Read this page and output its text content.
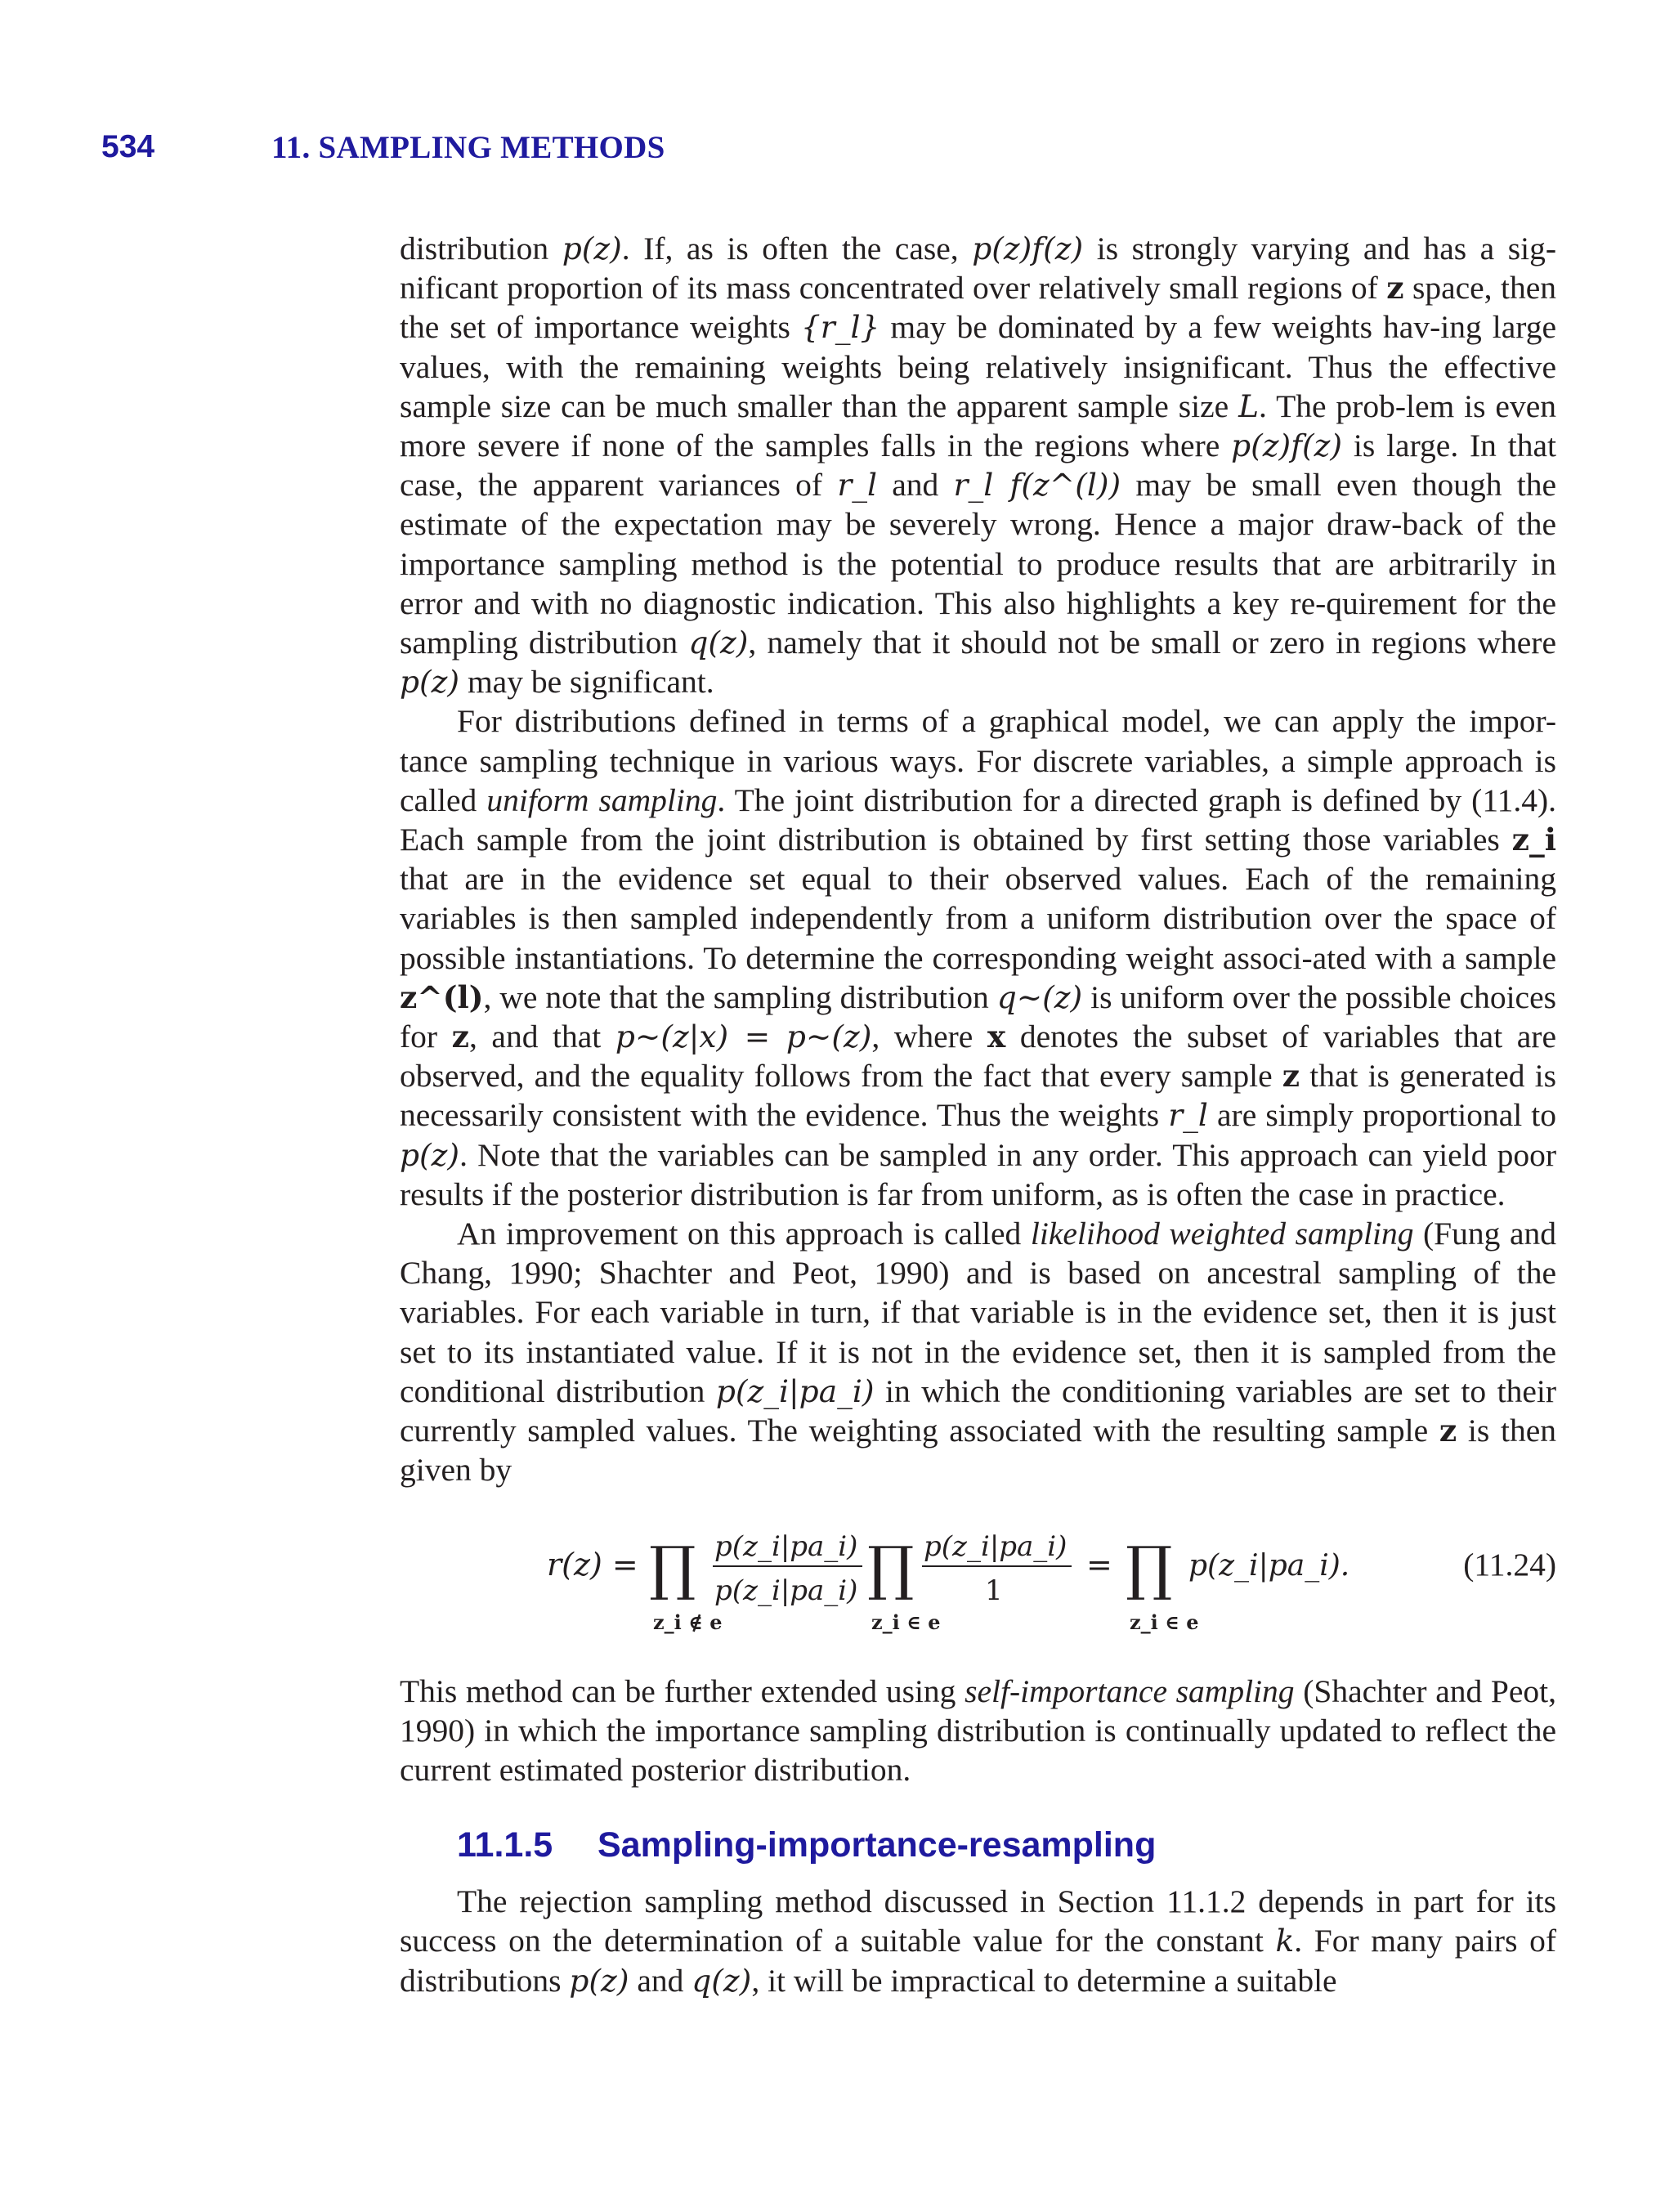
534	11. SAMPLING METHODS

distribution p(z). If, as is often the case, p(z)f(z) is strongly varying and has a sig-nificant proportion of its mass concentrated over relatively small regions of z space, then the set of importance weights {r_l} may be dominated by a few weights hav-ing large values, with the remaining weights being relatively insignificant. Thus the effective sample size can be much smaller than the apparent sample size L. The prob-lem is even more severe if none of the samples falls in the regions where p(z)f(z) is large. In that case, the apparent variances of r_l and r_l f(z^(l)) may be small even though the estimate of the expectation may be severely wrong. Hence a major draw-back of the importance sampling method is the potential to produce results that are arbitrarily in error and with no diagnostic indication. This also highlights a key re-quirement for the sampling distribution q(z), namely that it should not be small or zero in regions where p(z) may be significant.

For distributions defined in terms of a graphical model, we can apply the impor-tance sampling technique in various ways. For discrete variables, a simple approach is called uniform sampling. The joint distribution for a directed graph is defined by (11.4). Each sample from the joint distribution is obtained by first setting those variables z_i that are in the evidence set equal to their observed values. Each of the remaining variables is then sampled independently from a uniform distribution over the space of possible instantiations. To determine the corresponding weight associ-ated with a sample z^(l), we note that the sampling distribution q~(z) is uniform over the possible choices for z, and that p~(z|x) = p~(z), where x denotes the subset of variables that are observed, and the equality follows from the fact that every sample z that is generated is necessarily consistent with the evidence. Thus the weights r_l are simply proportional to p(z). Note that the variables can be sampled in any order. This approach can yield poor results if the posterior distribution is far from uniform, as is often the case in practice.

An improvement on this approach is called likelihood weighted sampling (Fung and Chang, 1990; Shachter and Peot, 1990) and is based on ancestral sampling of the variables. For each variable in turn, if that variable is in the evidence set, then it is just set to its instantiated value. If it is not in the evidence set, then it is sampled from the conditional distribution p(z_i|pa_i) in which the conditioning variables are set to their currently sampled values. The weighting associated with the resulting sample z is then given by

r(z) = ∏
z_i ∉ e
p(z_i|pa_i)
p(z_i|pa_i) ∏
z_i ∈ e
p(z_i|pa_i)
1
= ∏
z_i ∈ e
p(z_i|pa_i).	(11.24)

This method can be further extended using self-importance sampling (Shachter and Peot, 1990) in which the importance sampling distribution is continually updated to reflect the current estimated posterior distribution.

11.1.5 Sampling-importance-resampling

The rejection sampling method discussed in Section 11.1.2 depends in part for its success on the determination of a suitable value for the constant k. For many pairs of distributions p(z) and q(z), it will be impractical to determine a suitable
